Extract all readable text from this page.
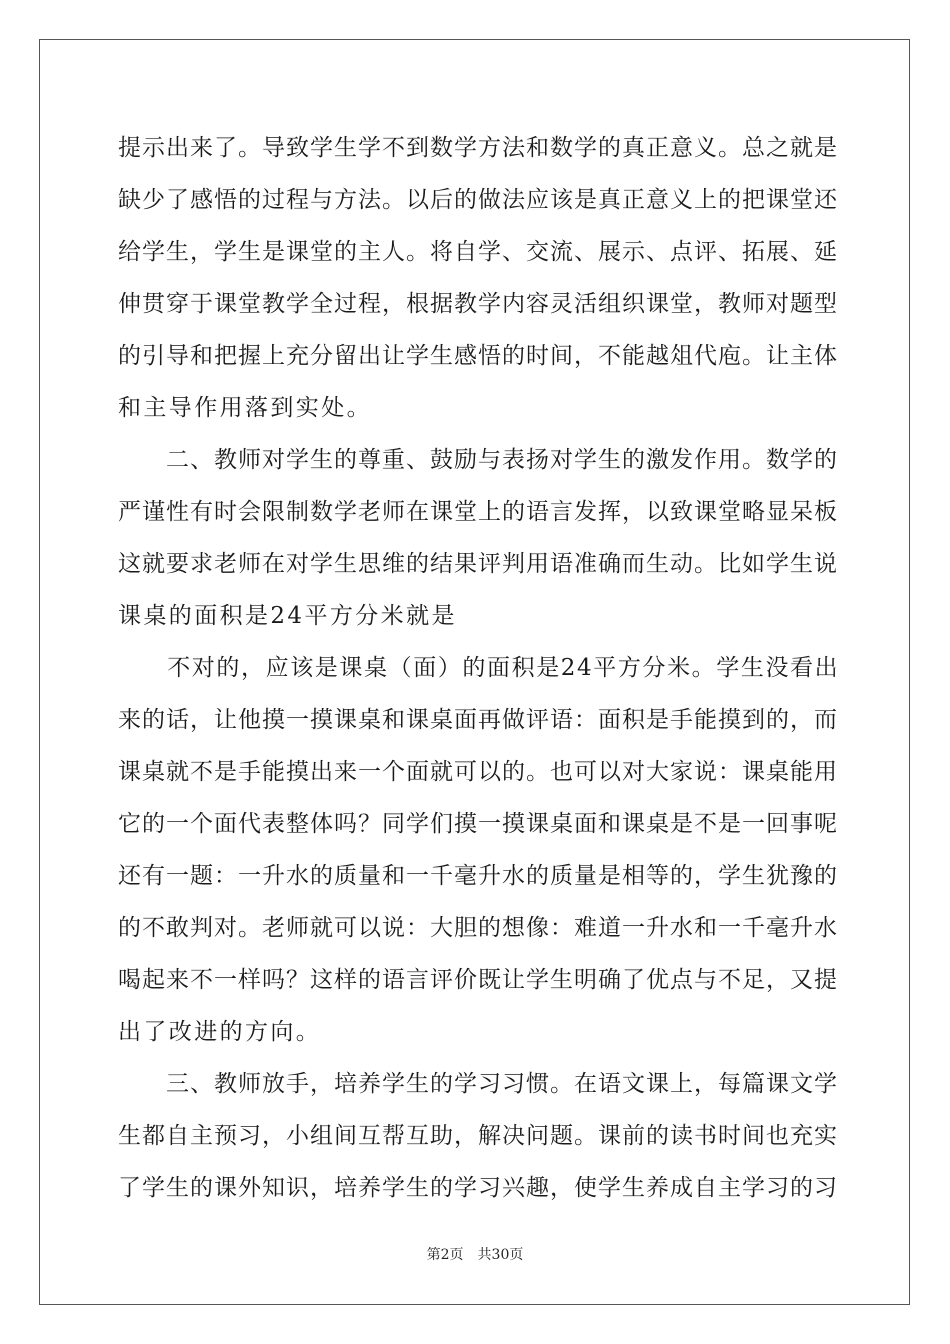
提示出来了。导致学生学不到数学方法和数学的真正意义。总之就是
缺少了感悟的过程与方法。以后的做法应该是真正意义上的把课堂还
给学生，学生是课堂的主人。将自学、交流、展示、点评、拓展、延
伸贯穿于课堂教学全过程，根据教学内容灵活组织课堂，教师对题型
的引导和把握上充分留出让学生感悟的时间，不能越俎代庖。让主体
和主导作用落到实处。
　　二、教师对学生的尊重、鼓励与表扬对学生的激发作用。数学的
严谨性有时会限制数学老师在课堂上的语言发挥，以致课堂略显呆板
这就要求老师在对学生思维的结果评判用语准确而生动。比如学生说
课桌的面积是24平方分米就是
　　不对的，应该是课桌（面）的面积是24平方分米。学生没看出
来的话，让他摸一摸课桌和课桌面再做评语：面积是手能摸到的，而
课桌就不是手能摸出来一个面就可以的。也可以对大家说：课桌能用
它的一个面代表整体吗？同学们摸一摸课桌面和课桌是不是一回事呢
还有一题：一升水的质量和一千毫升水的质量是相等的，学生犹豫的
的不敢判对。老师就可以说：大胆的想像：难道一升水和一千毫升水
喝起来不一样吗？这样的语言评价既让学生明确了优点与不足，又提
出了改进的方向。
　　三、教师放手，培养学生的学习习惯。在语文课上，每篇课文学
生都自主预习，小组间互帮互助，解决问题。课前的读书时间也充实
了学生的课外知识，培养学生的学习兴趣，使学生养成自主学习的习
第2页 共30页
